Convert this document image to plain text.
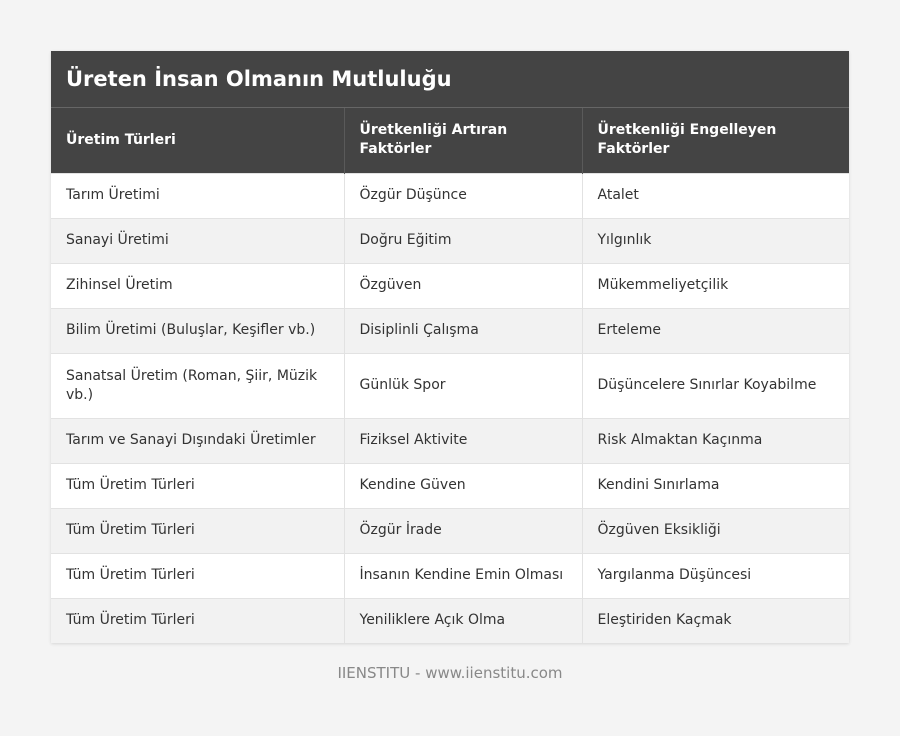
Üreten İnsan Olmanın Mutluluğu
Üretim Türleri	Üretkenliği Artıran Faktörler	Üretkenliği Engelleyen Faktörler
Tarım Üretimi	Özgür Düşünce	Atalet
Sanayi Üretimi	Doğru Eğitim	Yılgınlık
Zihinsel Üretim	Özgüven	Mükemmeliyetçilik
Bilim Üretimi (Buluşlar, Keşifler vb.)	Disiplinli Çalışma	Erteleme
Sanatsal Üretim (Roman, Şiir, Müzik vb.)	Günlük Spor	Düşüncelere Sınırlar Koyabilme
Tarım ve Sanayi Dışındaki Üretimler	Fiziksel Aktivite	Risk Almaktan Kaçınma
Tüm Üretim Türleri	Kendine Güven	Kendini Sınırlama
Tüm Üretim Türleri	Özgür İrade	Özgüven Eksikliği
Tüm Üretim Türleri	İnsanın Kendine Emin Olması	Yargılanma Düşüncesi
Tüm Üretim Türleri	Yeniliklere Açık Olma	Eleştiriden Kaçmak
IIENSTITU - www.iienstitu.com
